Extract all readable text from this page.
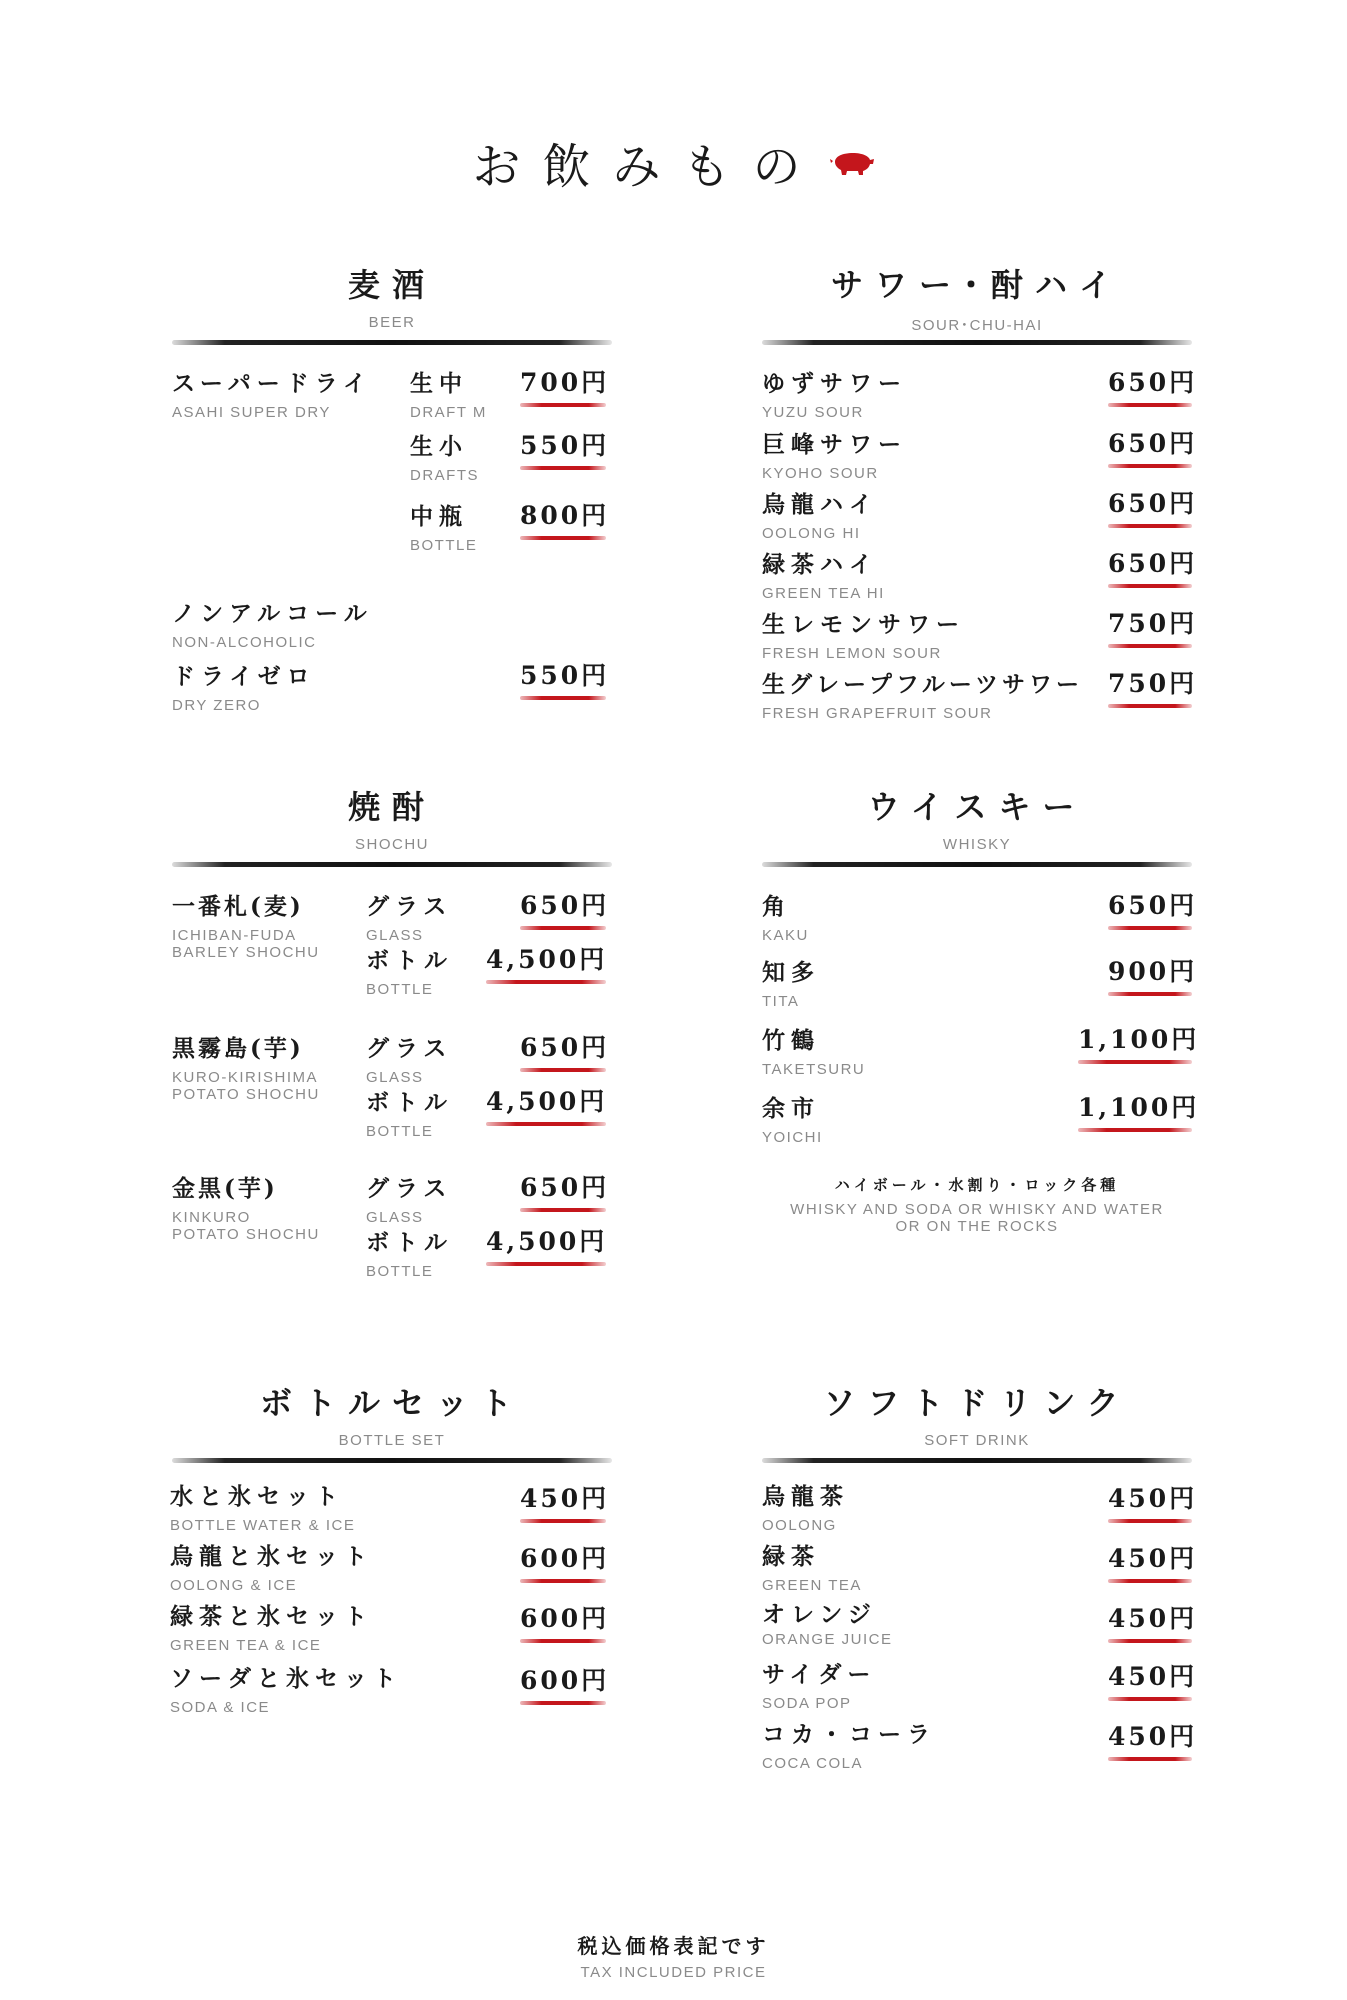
お飲みもの
麦酒
BEER
スーパードライ
ASAHI SUPER DRY
生中
DRAFT M
700円
生小
DRAFTS
550円
中瓶
BOTTLE
800円
ノンアルコール
NON-ALCOHOLIC
ドライゼロ
DRY ZERO
550円
サワー･酎ハイ
SOUR･CHU-HAI
ゆずサワー
YUZU SOUR
650円
巨峰サワー
KYOHO SOUR
650円
烏龍ハイ
OOLONG HI
650円
緑茶ハイ
GREEN TEA HI
650円
生レモンサワー
FRESH LEMON SOUR
750円
生グレープフルーツサワー
FRESH GRAPEFRUIT SOUR
750円
焼酎
SHOCHU
一番札(麦)
ICHIBAN-FUDA
BARLEY SHOCHU
グラス
GLASS
650円
ボトル
BOTTLE
4,500円
黒霧島(芋)
KURO-KIRISHIMA
POTATO SHOCHU
グラス
GLASS
650円
ボトル
BOTTLE
4,500円
金黒(芋)
KINKURO
POTATO SHOCHU
グラス
GLASS
650円
ボトル
BOTTLE
4,500円
ウイスキー
WHISKY
角
KAKU
650円
知多
TITA
900円
竹鶴
TAKETSURU
1,100円
余市
YOICHI
1,100円
ハイボール・水割り・ロック各種
WHISKY AND SODA OR WHISKY AND WATER
OR ON THE ROCKS
ボトルセット
BOTTLE SET
水と氷セット
BOTTLE WATER & ICE
450円
烏龍と氷セット
OOLONG & ICE
600円
緑茶と氷セット
GREEN TEA & ICE
600円
ソーダと氷セット
SODA & ICE
600円
ソフトドリンク
SOFT DRINK
烏龍茶
OOLONG
450円
緑茶
GREEN TEA
450円
オレンジ
ORANGE JUICE
450円
サイダー
SODA POP
450円
コカ・コーラ
COCA COLA
450円
税込価格表記です
TAX INCLUDED PRICE
